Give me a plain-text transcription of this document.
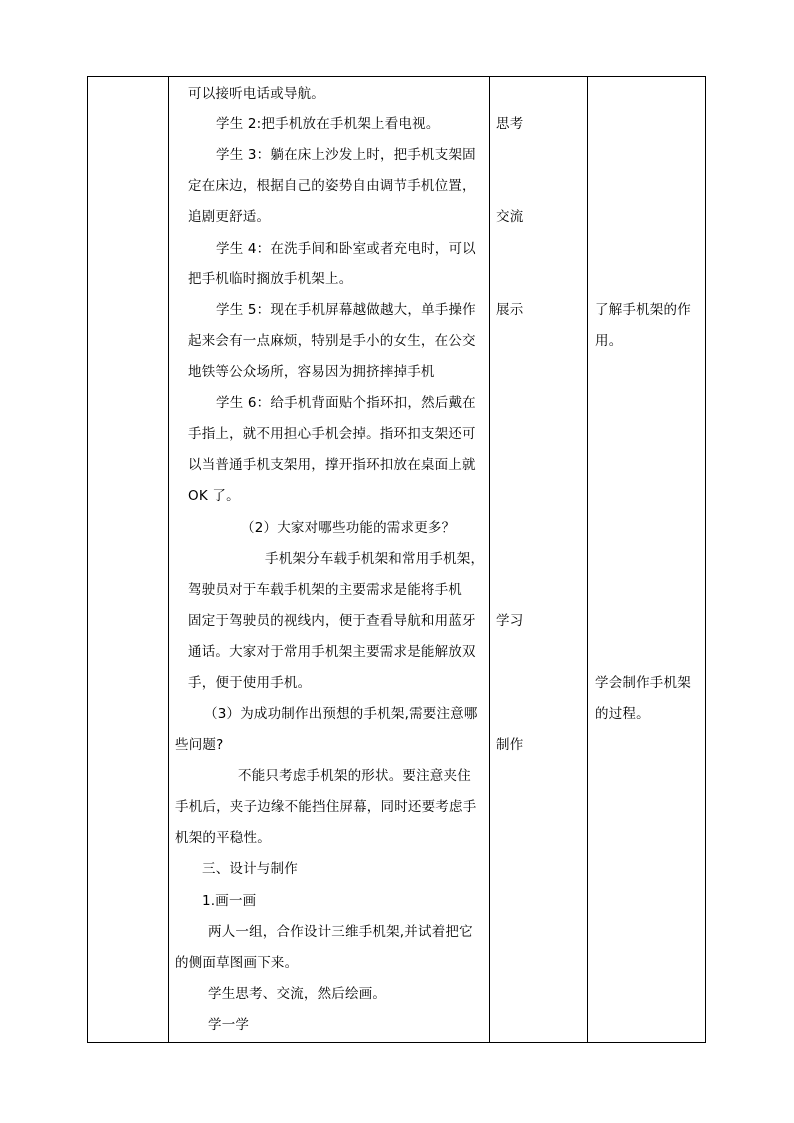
可以接听电话或导航。
学生 2:把手机放在手机架上看电视。
学生 3：躺在床上沙发上时，把手机支架固
定在床边，根据自己的姿势自由调节手机位置，
追剧更舒适。
学生 4：在洗手间和卧室或者充电时，可以
把手机临时搁放手机架上。
学生 5：现在手机屏幕越做越大，单手操作
起来会有一点麻烦，特别是手小的女生，在公交
地铁等公众场所，容易因为拥挤摔掉手机
学生 6：给手机背面贴个指环扣，然后戴在
手指上，就不用担心手机会掉。指环扣支架还可
以当普通手机支架用，撑开指环扣放在桌面上就
OK 了。
（2）大家对哪些功能的需求更多？
手机架分车载手机架和常用手机架，
驾驶员对于车载手机架的主要需求是能将手机
固定于驾驶员的视线内，便于查看导航和用蓝牙
通话。大家对于常用手机架主要需求是能解放双
手，便于使用手机。
（3）为成功制作出预想的手机架,需要注意哪
些问题?
不能只考虑手机架的形状。要注意夹住
手机后，夹子边缘不能挡住屏幕，同时还要考虑手
机架的平稳性。
三、设计与制作
1.画一画
两人一组，合作设计三维手机架,并试着把它
的侧面草图画下来。
学生思考、交流，然后绘画。
学一学
思考
交流
展示
学习
制作
了解手机架的作
用。
学会制作手机架
的过程。
